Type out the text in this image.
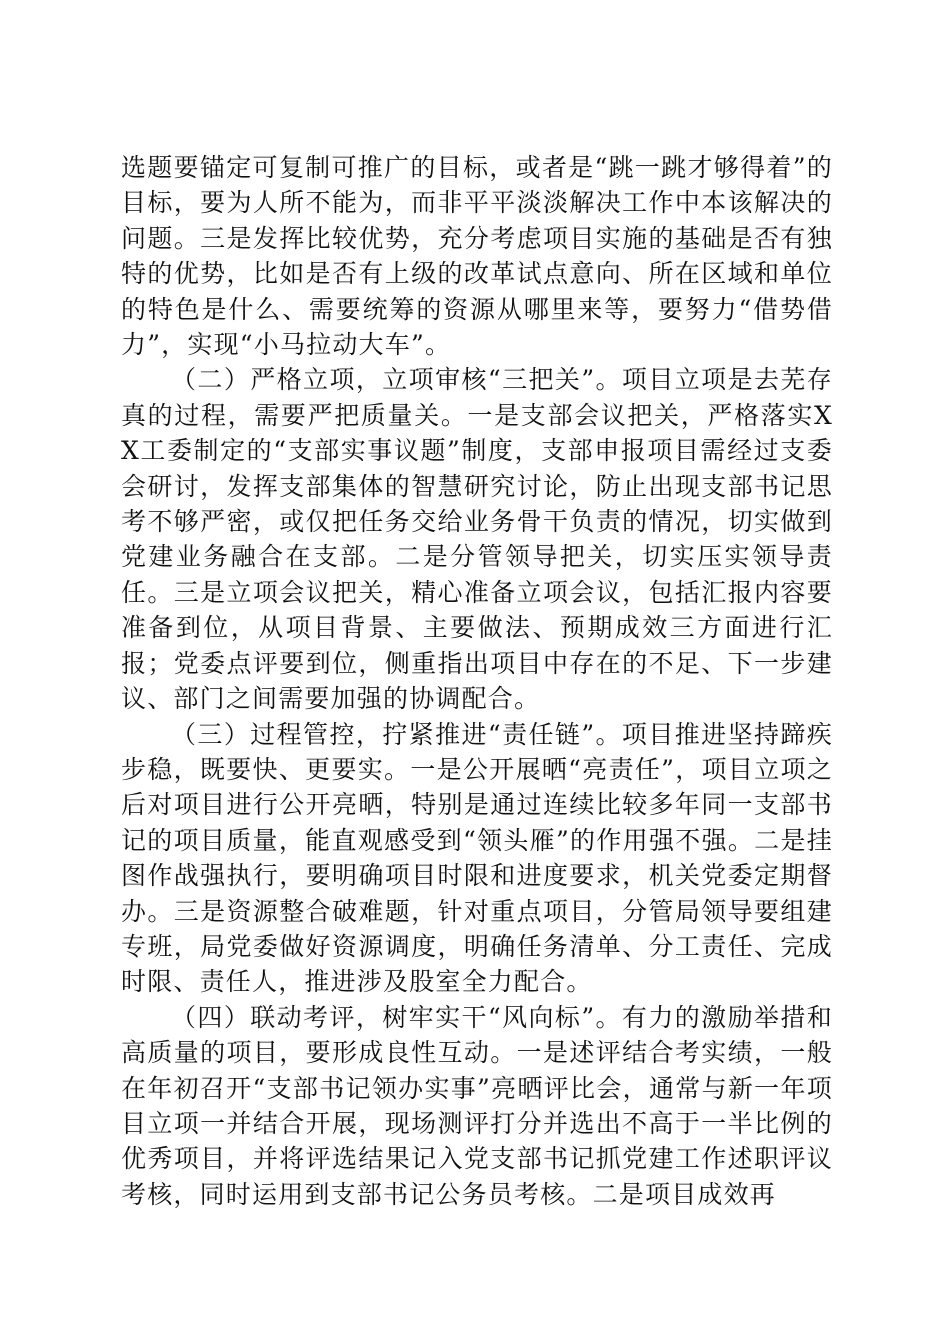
选题要锚定可复制可推广的目标，或者是“跳一跳才够得着”的目标，要为人所不能为，而非平平淡淡解决工作中本该解决的问题。三是发挥比较优势，充分考虑项目实施的基础是否有独特的优势，比如是否有上级的改革试点意向、所在区域和单位的特色是什么、需要统筹的资源从哪里来等，要努力“借势借力”，实现“小马拉动大车”。

（二）严格立项，立项审核“三把关”。项目立项是去芜存真的过程，需要严把质量关。一是支部会议把关，严格落实XX工委制定的“支部实事议题”制度，支部申报项目需经过支委会研讨，发挥支部集体的智慧研究讨论，防止出现支部书记思考不够严密，或仅把任务交给业务骨干负责的情况，切实做到党建业务融合在支部。二是分管领导把关，切实压实领导责任。三是立项会议把关，精心准备立项会议，包括汇报内容要准备到位，从项目背景、主要做法、预期成效三方面进行汇报；党委点评要到位，侧重指出项目中存在的不足、下一步建议、部门之间需要加强的协调配合。

（三）过程管控，拧紧推进“责任链”。项目推进坚持蹄疾步稳，既要快、更要实。一是公开展晒“亮责任”，项目立项之后对项目进行公开亮晒，特别是通过连续比较多年同一支部书记的项目质量，能直观感受到“领头雁”的作用强不强。二是挂图作战强执行，要明确项目时限和进度要求，机关党委定期督办。三是资源整合破难题，针对重点项目，分管局领导要组建专班，局党委做好资源调度，明确任务清单、分工责任、完成时限、责任人，推进涉及股室全力配合。

（四）联动考评，树牢实干“风向标”。有力的激励举措和高质量的项目，要形成良性互动。一是述评结合考实绩，一般在年初召开“支部书记领办实事”亮晒评比会，通常与新一年项目立项一并结合开展，现场测评打分并选出不高于一半比例的优秀项目，并将评选结果记入党支部书记抓党建工作述职评议考核，同时运用到支部书记公务员考核。二是项目成效再
